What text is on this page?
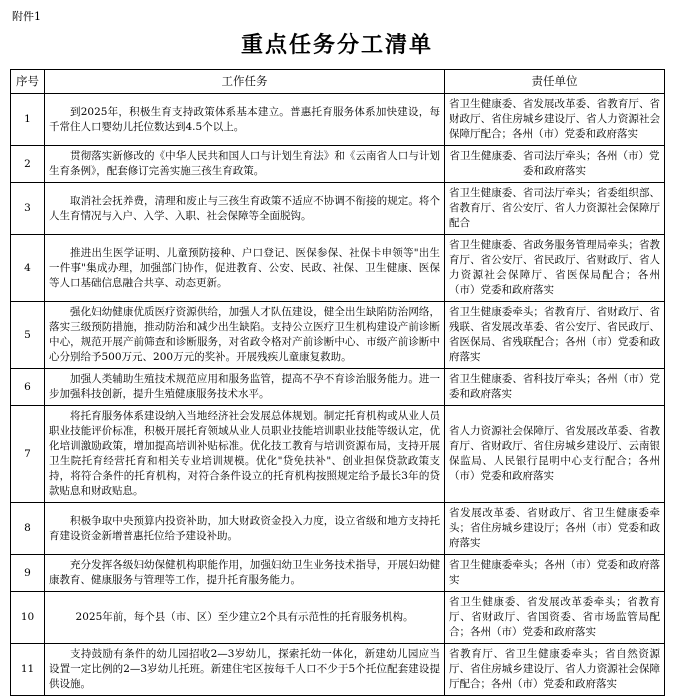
附件1
重点任务分工清单
序号	工作任务	责任单位
1	到2025年，积极生育支持政策体系基本建立。普惠托育服务体系加快建设，每千常住人口婴幼儿托位数达到4.5个以上。	省卫生健康委、省发展改革委、省教育厅、省财政厅、省住房城乡建设厅、省人力资源社会保障厅配合；各州（市）党委和政府落实
2	贯彻落实新修改的《中华人民共和国人口与计划生育法》和《云南省人口与计划生育条例》，配套修订完善实施三孩生育政策。	省卫生健康委、省司法厅牵头；各州（市）党委和政府落实
3	取消社会抚养费，清理和废止与三孩生育政策不适应不协调不衔接的规定。将个人生育情况与入户、入学、入职、社会保障等全面脱钩。	省卫生健康委、省司法厅牵头；省委组织部、省教育厅、省公安厅、省人力资源社会保障厅配合
4	推进出生医学证明、儿童预防接种、户口登记、医保参保、社保卡申领等"出生一件事"集成办理，加强部门协作，促进教育、公安、民政、社保、卫生健康、医保等人口基础信息融合共享、动态更新。	省卫生健康委、省政务服务管理局牵头；省教育厅、省公安厅、省民政厅、省财政厅、省人力资源社会保障厅、省医保局配合；各州（市）党委和政府落实
5	强化妇幼健康优质医疗资源供给，加强人才队伍建设，健全出生缺陷防治网络，落实三级预防措施，推动防治和减少出生缺陷。支持公立医疗卫生机构建设产前诊断中心，规范开展产前筛查和诊断服务，对省政令格对产前诊断中心、市级产前诊断中心分别给予500万元、200万元的奖补。开展残疾儿童康复救助。	省卫生健康委牵头；省教育厅、省财政厅、省残联、省发展改革委、省公安厅、省民政厅、省医保局、省残联配合；各州（市）党委和政府落实
6	加强人类辅助生殖技术规范应用和服务监管，提高不孕不育诊治服务能力。进一步加强科技创新，提升生殖健康服务技术水平。	省卫生健康委、省科技厅牵头；各州（市）党委和政府落实
7	将托育服务体系建设纳入当地经济社会发展总体规划。制定托育机构或从业人员职业技能评价标准，积极开展托育领域从业人员职业技能培训职业技能等级认定，优化培训激励政策，增加提高培训补贴标准。优化技工教育与培训资源布局，支持开展卫生院托育经营托育和相关专业培训规模。优化"贷免扶补"、创业担保贷款政策支持，将符合条件的托育机构，对符合条件设立的托育机构按照规定给予最长3年的贷款贴息和财政贴息。	省人力资源社会保障厅、省发展改革委、省教育厅、省财政厅、省住房城乡建设厅、云南银保监局、人民银行昆明中心支行配合；各州（市）党委和政府落实
8	积极争取中央预算内投资补助，加大财政资金投入力度，设立省级和地方支持托育建设资金新增普惠托位给予建设补助。	省发展改革委、省财政厅、省卫生健康委牵头；省住房城乡建设厅；各州（市）党委和政府落实
9	充分发挥各级妇幼保健机构职能作用，加强妇幼卫生业务技术指导，开展妇幼健康教育、健康服务与管理等工作，提升托育服务能力。	省卫生健康委牵头；各州（市）党委和政府落实
10	2025年前，每个县（市、区）至少建立2个具有示范性的托育服务机构。	省卫生健康委、省发展改革委牵头；省教育厅、省财政厅、省国资委、省市场监管局配合；各州（市）党委和政府落实
11	支持鼓励有条件的幼儿园招收2—3岁幼儿，探索托幼一体化，新建幼儿园应当设置一定比例的2—3岁幼儿托班。新建住宅区按每千人口不少于5个托位配套建设提供设施。	省教育厅、省卫生健康委牵头；省自然资源厅、省住房城乡建设厅、省人力资源社会保障厅配合；各州（市）党委和政府落实
